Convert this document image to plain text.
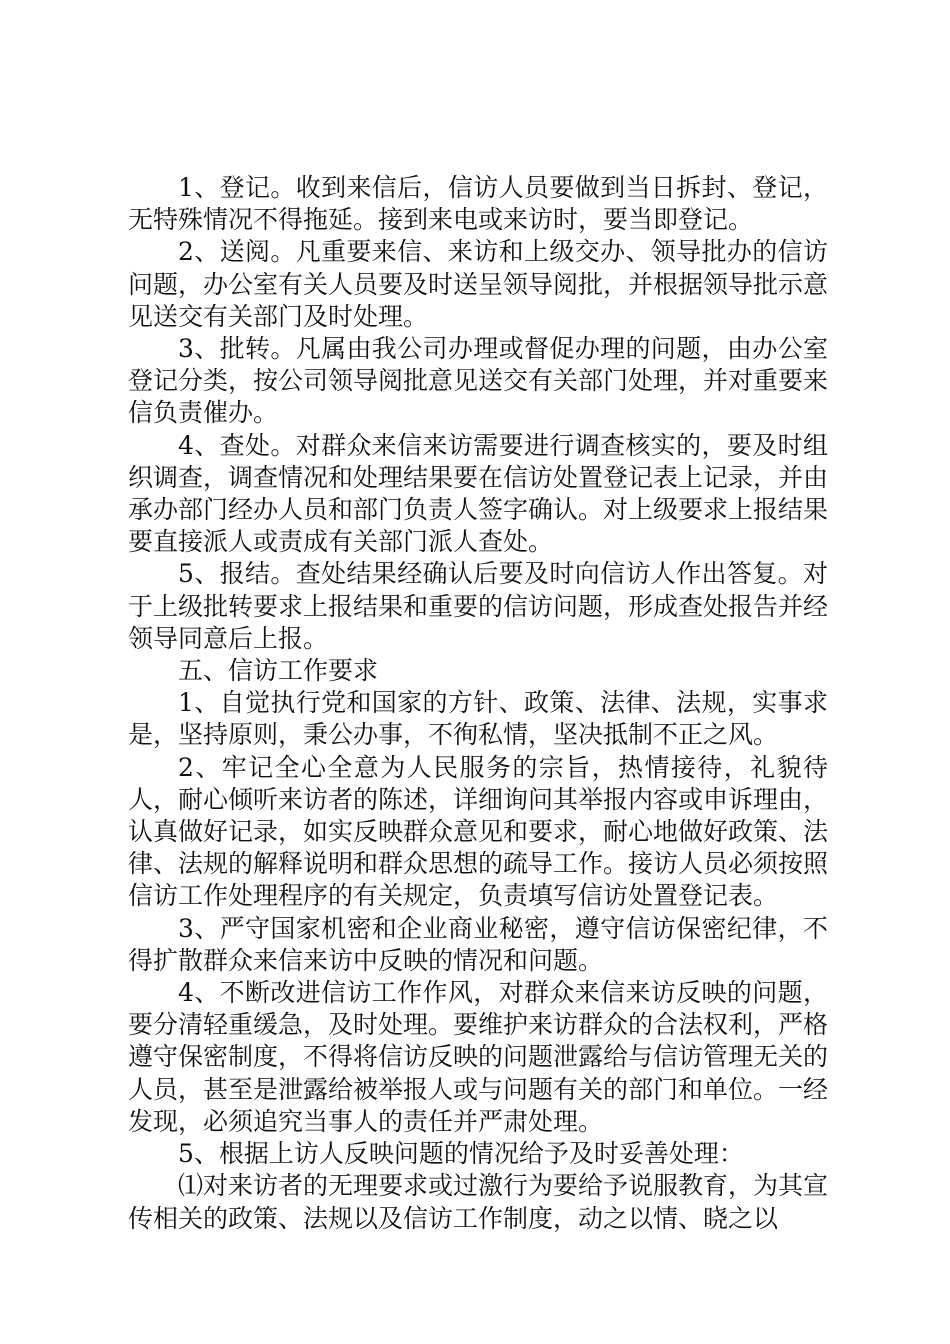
1、登记。收到来信后，信访人员要做到当日拆封、登记，无特殊情况不得拖延。接到来电或来访时，要当即登记。

2、送阅。凡重要来信、来访和上级交办、领导批办的信访问题，办公室有关人员要及时送呈领导阅批，并根据领导批示意见送交有关部门及时处理。

3、批转。凡属由我公司办理或督促办理的问题，由办公室登记分类，按公司领导阅批意见送交有关部门处理，并对重要来信负责催办。

4、查处。对群众来信来访需要进行调查核实的，要及时组织调查，调查情况和处理结果要在信访处置登记表上记录，并由承办部门经办人员和部门负责人签字确认。对上级要求上报结果要直接派人或责成有关部门派人查处。

5、报结。查处结果经确认后要及时向信访人作出答复。对于上级批转要求上报结果和重要的信访问题，形成查处报告并经领导同意后上报。

五、信访工作要求

1、自觉执行党和国家的方针、政策、法律、法规，实事求是，坚持原则，秉公办事，不徇私情，坚决抵制不正之风。

2、牢记全心全意为人民服务的宗旨，热情接待，礼貌待人，耐心倾听来访者的陈述，详细询问其举报内容或申诉理由，认真做好记录，如实反映群众意见和要求，耐心地做好政策、法律、法规的解释说明和群众思想的疏导工作。接访人员必须按照信访工作处理程序的有关规定，负责填写信访处置登记表。

3、严守国家机密和企业商业秘密，遵守信访保密纪律，不得扩散群众来信来访中反映的情况和问题。

4、不断改进信访工作作风，对群众来信来访反映的问题，要分清轻重缓急，及时处理。要维护来访群众的合法权利，严格遵守保密制度，不得将信访反映的问题泄露给与信访管理无关的人员，甚至是泄露给被举报人或与问题有关的部门和单位。一经发现，必须追究当事人的责任并严肃处理。

5、根据上访人反映问题的情况给予及时妥善处理：

⑴对来访者的无理要求或过激行为要给予说服教育，为其宣传相关的政策、法规以及信访工作制度，动之以情、晓之以
